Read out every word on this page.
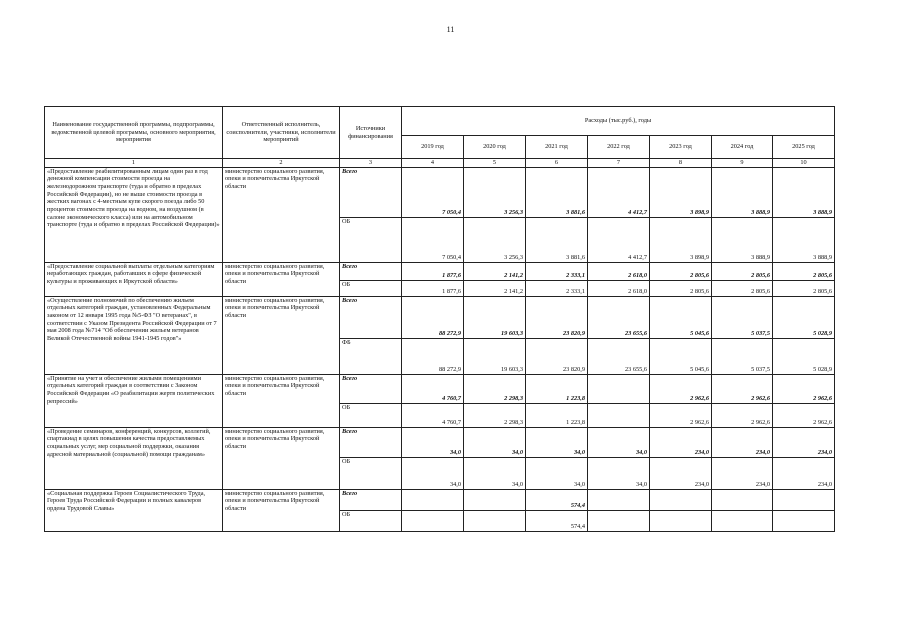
11
Наименование государственной программы, подпрограммы, ведомственной целевой программы, основного мероприятия, мероприятия	Ответственный исполнитель, соисполнители, участники, исполнители мероприятий	Источники финансирования	Расходы (тыс.руб.), годы						
			2019 год	2020 год	2021 год	2022 год	2023 год	2024 год	2025 год
1	2	3	4	5	6	7	8	9	10
«Предоставление реабилитированным лицам один раз в год денежной компенсации стоимости проезда на железнодорожном транспорте (туда и обратно в пределах Российской Федерации), но не выше стоимости проезда в жестких вагонах с 4-местным купе скорого поезда либо 50 процентов стоимости проезда на водном, на воздушном (в салоне экономического класса) или на автомобильном транспорте (туда и обратно в пределах Российской Федерации)»	министерство социального развития, опеки и попечительства Иркутской области	Всего	7 050,4	3 256,3	3 881,6	4 412,7	3 898,9	3 888,9	3 888,9
		ОБ	7 050,4	3 256,3	3 881,6	4 412,7	3 898,9	3 888,9	3 888,9
«Предоставление социальной выплаты отдельным категориям неработающих граждан, работавших в сфере физической культуры и проживающих в Иркутской области»	министерство социального развития, опеки и попечительства Иркутской области	Всего	1 877,6	2 141,2	2 333,1	2 618,0	2 805,6	2 805,6	2 805,6
		ОБ	1 877,6	2 141,2	2 333,1	2 618,0	2 805,6	2 805,6	2 805,6
«Осуществление полномочий по обеспечению жильем отдельных категорий граждан, установленных Федеральным законом от 12 января 1995 года №5-ФЗ "О ветеранах", в соответствии с Указом Президента Российской Федерации от 7 мая 2008 года №714 "Об обеспечении жильем ветеранов Великой Отечественной войны 1941-1945 годов"»	министерство социального развития, опеки и попечительства Иркутской области	Всего	88 272,9	19 603,3	23 820,9	23 655,6	5 045,6	5 037,5	5 028,9
		ФБ	88 272,9	19 603,3	23 820,9	23 655,6	5 045,6	5 037,5	5 028,9
«Принятие на учет и обеспечение жилыми помещениями отдельных категорий граждан в соответствии с Законом Российской Федерации «О реабилитации жертв политических репрессий»	министерство социального развития, опеки и попечительства Иркутской области	Всего	4 760,7	2 298,3	1 223,8		2 962,6	2 962,6	2 962,6
		ОБ	4 760,7	2 298,3	1 223,8		2 962,6	2 962,6	2 962,6
«Проведение семинаров, конференций, конкурсов, коллегий, спартакиад в целях повышения качества предоставляемых социальных услуг, мер социальной поддержки, оказания адресной материальной (социальной) помощи гражданам»	министерство социального развития, опеки и попечительства Иркутской области	Всего	34,0	34,0	34,0	34,0	234,0	234,0	234,0
		ОБ	34,0	34,0	34,0	34,0	234,0	234,0	234,0
«Социальная поддержка Героев Социалистического Труда, Героев Труда Российской Федерации и полных кавалеров ордена Трудовой Славы»	министерство социального развития, опеки и попечительства Иркутской области	Всего			574,4				
		ОБ			574,4				
